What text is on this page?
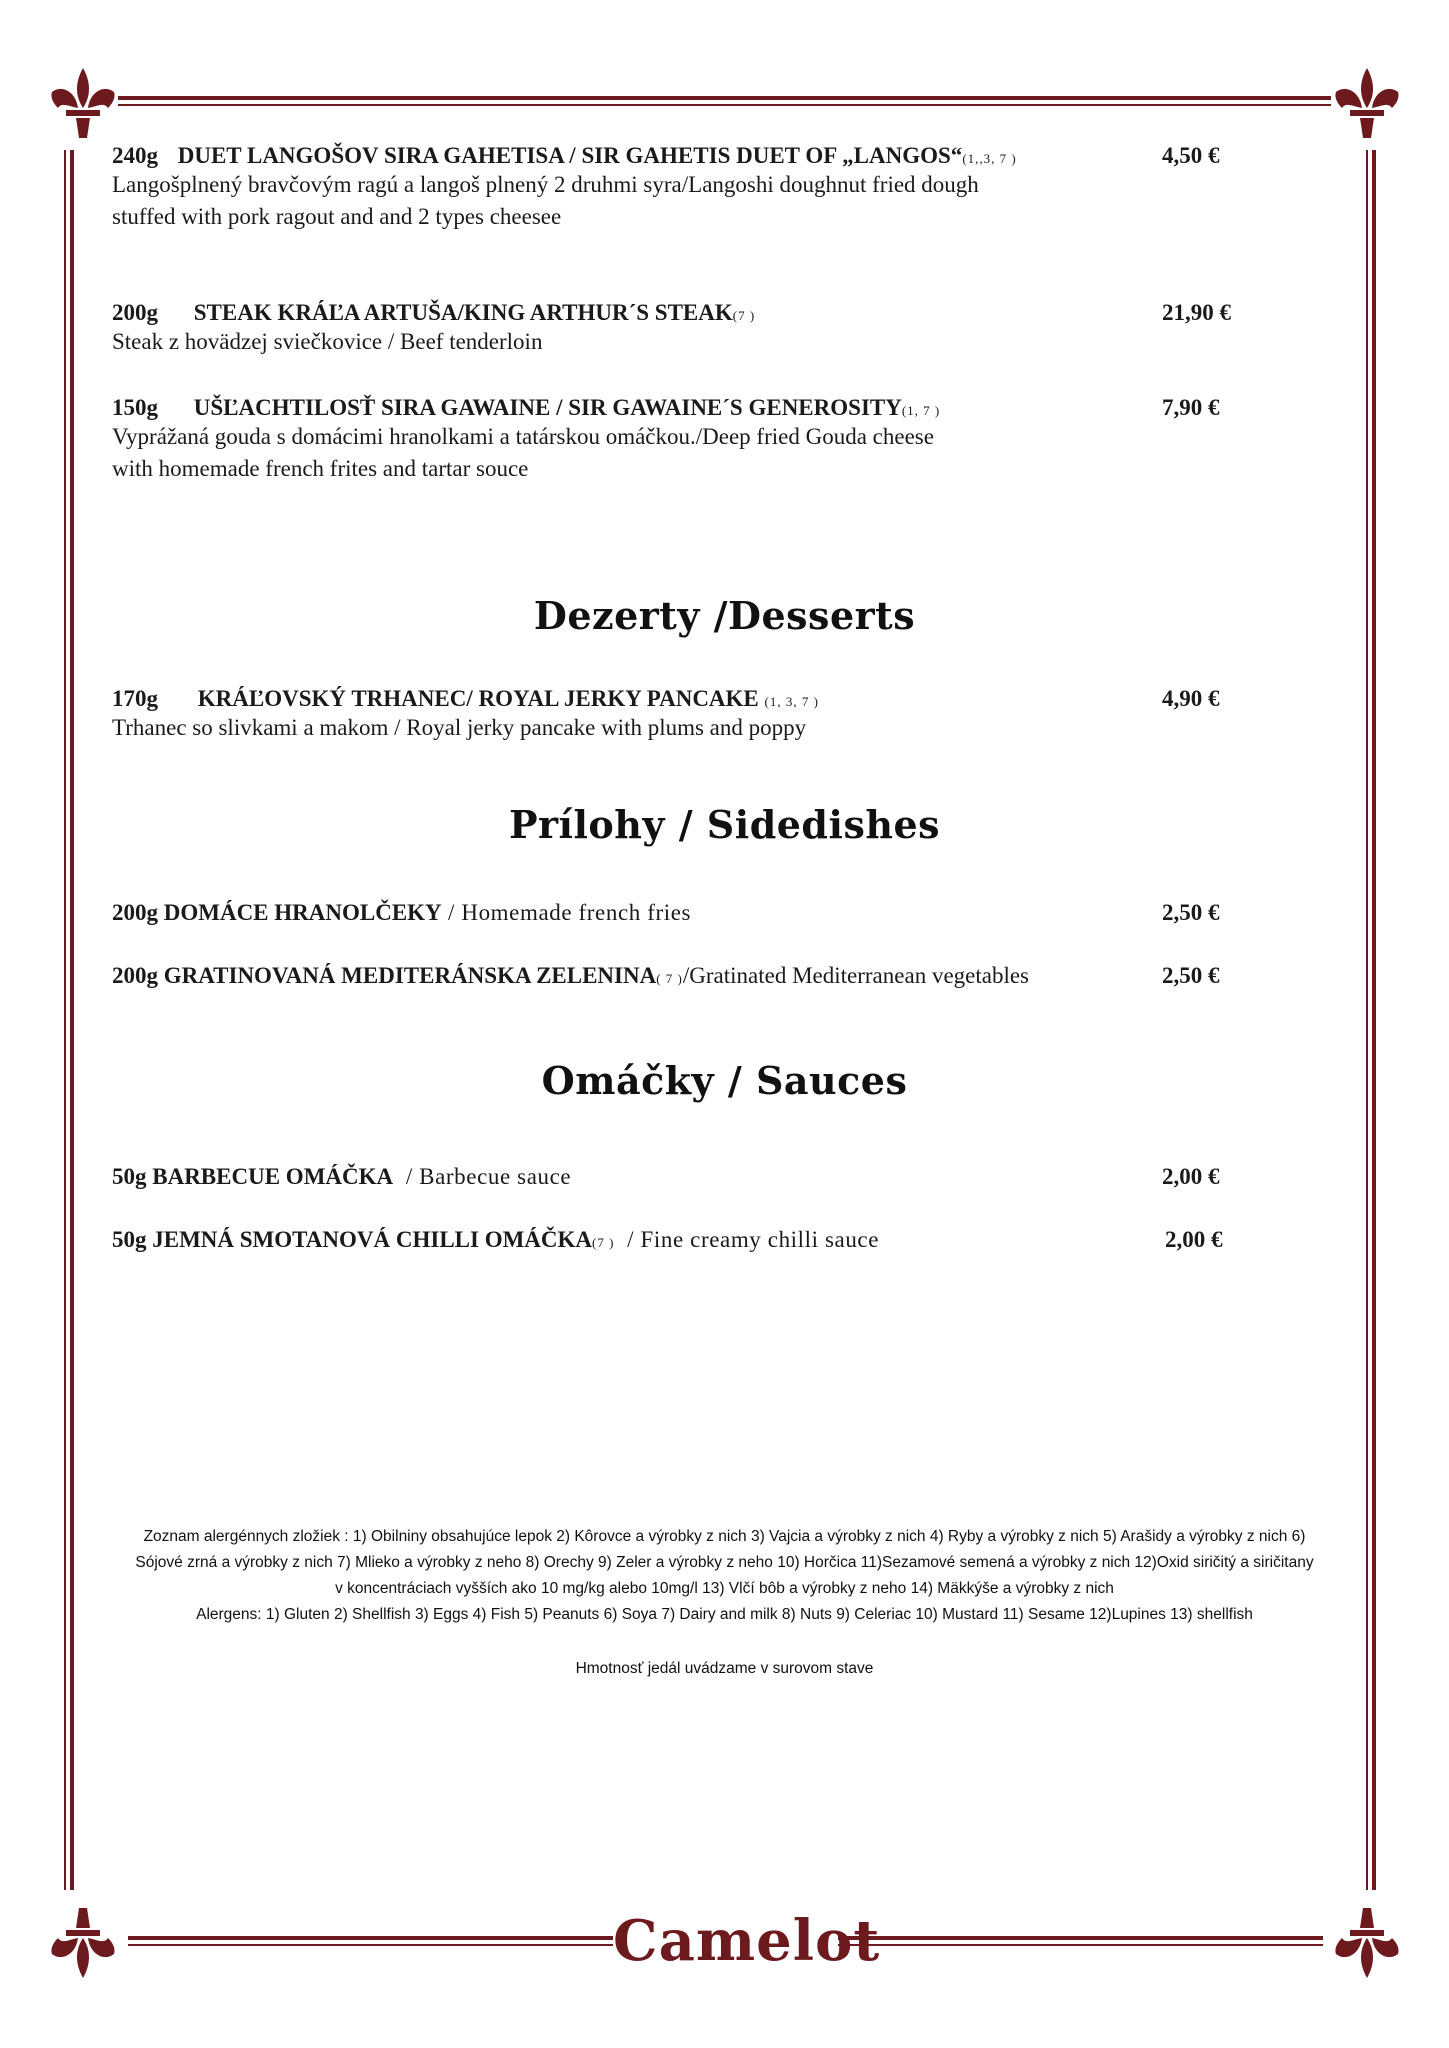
240g DUET LANGOŠOV SIRA GAHETISA / SIR GAHETIS DUET OF „LANGOS“(1,,3, 7 )
Langošplnený bravčovým ragú a langoš plnený 2 druhmi syra/Langoshi doughnut fried dough
stuffed with pork ragout and and 2 types cheesee
4,50 €
200g STEAK KRÁĽA ARTUŠA/KING ARTHUR´S STEAK(7 )
Steak z hovädzej sviečkovice / Beef tenderloin
21,90 €
150g UŠĽACHTILOSŤ SIRA GAWAINE / SIR GAWAINE´S GENEROSITY(1, 7 )
Vyprážaná gouda s domácimi hranolkami a tatárskou omáčkou./Deep fried Gouda cheese
with homemade french frites and tartar souce
7,90 €
Dezerty /Desserts
170g KRÁĽOVSKÝ TRHANEC/ ROYAL JERKY PANCAKE (1, 3, 7 )
Trhanec so slivkami a makom / Royal jerky pancake with plums and poppy
4,90 €
Prílohy / Sidedishes
200g DOMÁCE HRANOLČEKY / Homemade french fries	2,50 €
200g GRATINOVANÁ MEDITERÁNSKA ZELENINA( 7 )/Gratinated Mediterranean vegetables	2,50 €
Omáčky / Sauces
50g BARBECUE OMÁČKA  / Barbecue sauce	2,00 €
50g JEMNÁ SMOTANOVÁ CHILLI OMÁČKA(7 )  / Fine creamy chilli sauce	2,00 €
Zoznam alergénnych zložiek : 1) Obilniny obsahujúce lepok 2) Kôrovce a výrobky z nich 3) Vajcia a výrobky z nich 4) Ryby a výrobky z nich 5) Arašidy a výrobky z nich 6)
Sójové zrná a výrobky z nich 7) Mlieko a výrobky z neho 8) Orechy 9) Zeler a výrobky z neho 10) Horčica 11)Sezamové semená a výrobky z nich 12)Oxid siričitý a siričitany
v koncentráciach vyšších ako 10 mg/kg alebo 10mg/l 13) Vlčí bôb a výrobky z neho 14) Mäkkýše a výrobky z nich
Alergens: 1) Gluten 2) Shellfish 3) Eggs 4) Fish 5) Peanuts 6) Soya 7) Dairy and milk 8) Nuts 9) Celeriac 10) Mustard 11) Sesame 12)Lupines 13) shellfish
Hmotnosť jedál uvádzame v surovom stave
Camelot
